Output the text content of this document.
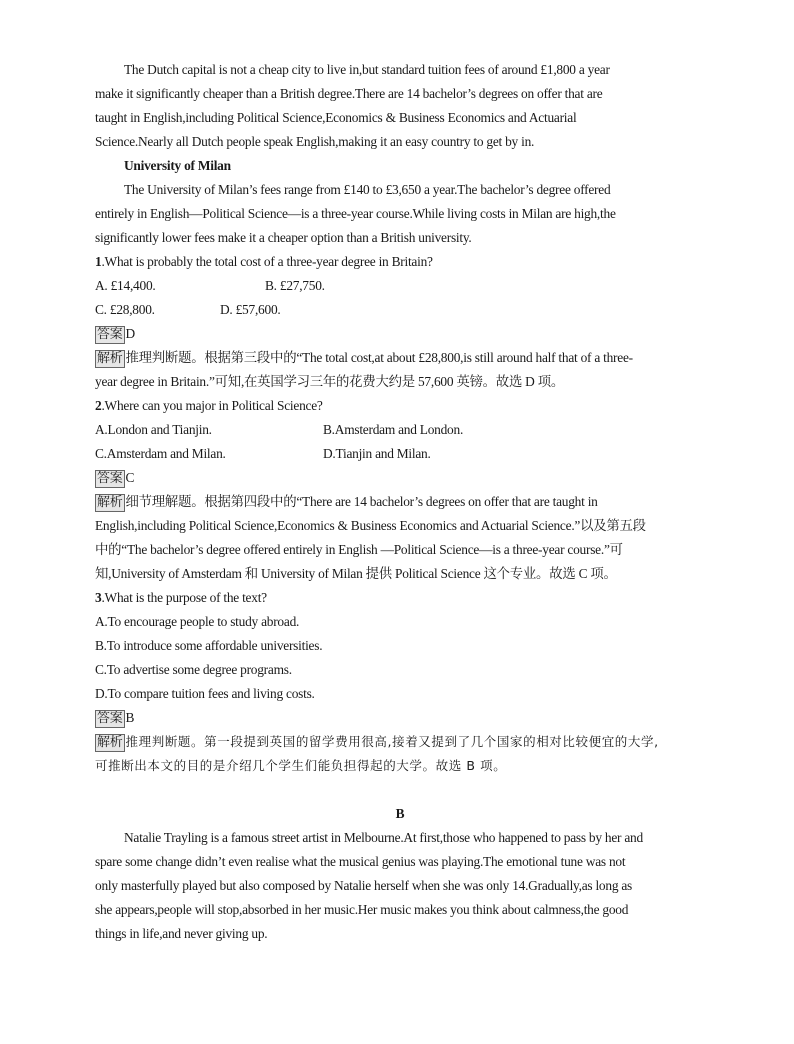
The Dutch capital is not a cheap city to live in,but standard tuition fees of around £1,800 a year
make it significantly cheaper than a British degree.There are 14 bachelor’s degrees on offer that are
taught in English,including Political Science,Economics & Business Economics and Actuarial
Science.Nearly all Dutch people speak English,making it an easy country to get by in.
University of Milan
The University of Milan’s fees range from £140 to £3,650 a year.The bachelor’s degree offered
entirely in English—Political Science—is a three-year course.While living costs in Milan are high,the
significantly lower fees make it a cheaper option than a British university.
1.What is probably the total cost of a three-year degree in Britain?
A. £14,400.	B. £27,750.
C. £28,800.	D. £57,600.
答案 D
解析 推理判断题。根据第三段中的“The total cost,at about £28,800,is still around half that of a three-
year degree in Britain.”可知,在英国学习三年的花费大约是 57,600 英镑。故选 D 项。
2.Where can you major in Political Science?
A.London and Tianjin.	B.Amsterdam and London.
C.Amsterdam and Milan.	D.Tianjin and Milan.
答案 C
解析 细节理解题。根据第四段中的“There are 14 bachelor’s degrees on offer that are taught in
English,including Political Science,Economics & Business Economics and Actuarial Science.”以及第五段
中的“The bachelor’s degree offered entirely in English —Political Science—is a three-year course.”可
知,University of Amsterdam 和 University of Milan 提供 Political Science 这个专业。故选 C 项。
3.What is the purpose of the text?
A.To encourage people to study abroad.
B.To introduce some affordable universities.
C.To advertise some degree programs.
D.To compare tuition fees and living costs.
答案 B
解析 推理判断题。第一段提到英国的留学费用很高,接着又提到了几个国家的相对比较便宜的大学,
可推断出本文的目的是介绍几个学生们能负担得起的大学。故选 B 项。
B
Natalie Trayling is a famous street artist in Melbourne.At first,those who happened to pass by her and
spare some change didn’t even realise what the musical genius was playing.The emotional tune was not
only masterfully played but also composed by Natalie herself when she was only 14.Gradually,as long as
she appears,people will stop,absorbed in her music.Her music makes you think about calmness,the good
things in life,and never giving up.
